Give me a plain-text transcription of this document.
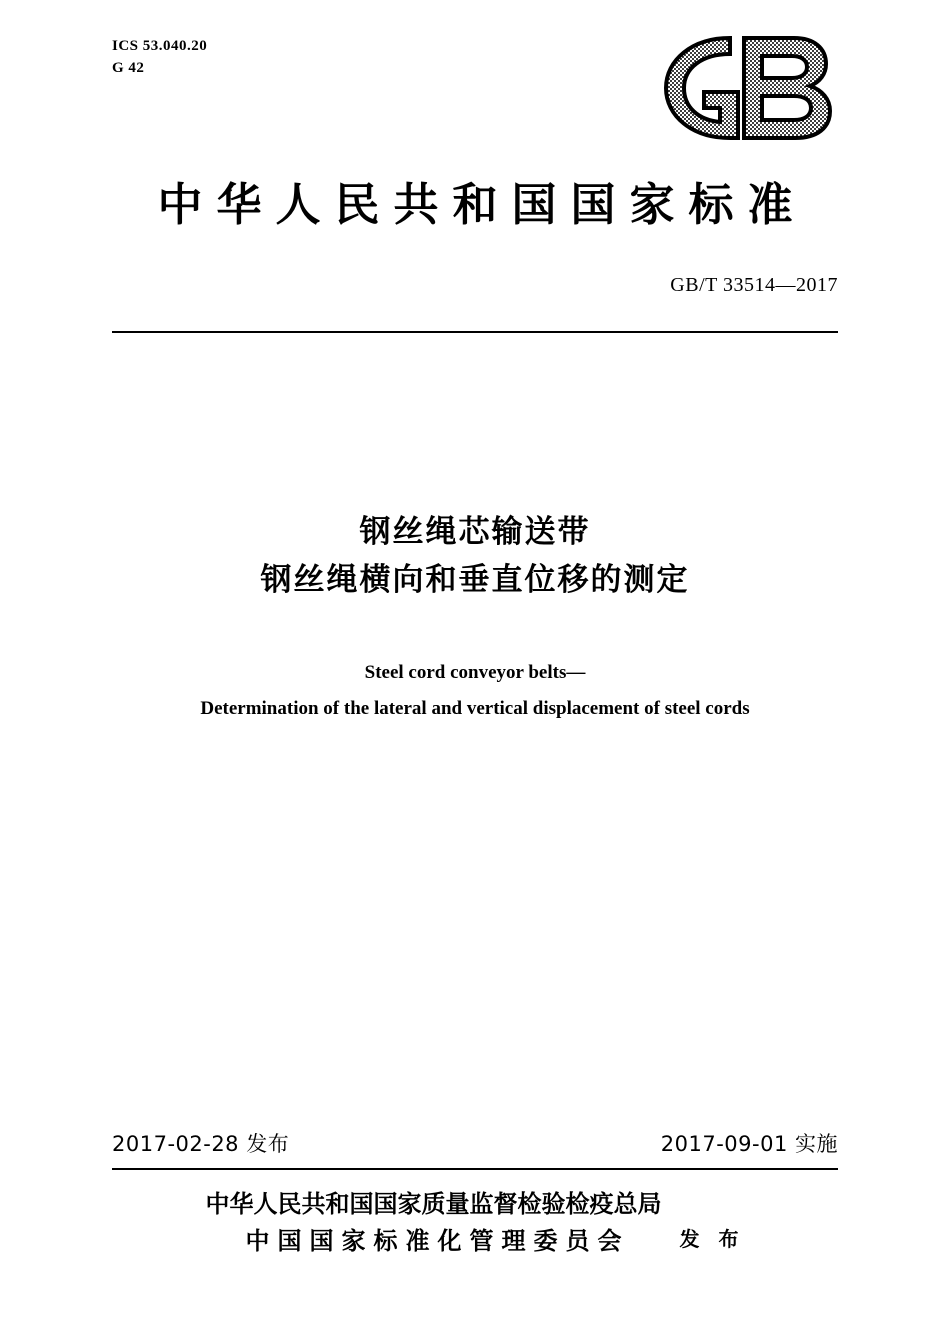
ICS 53.040.20
G 42
中华人民共和国国家标准
GB/T 33514—2017
钢丝绳芯输送带
钢丝绳横向和垂直位移的测定
Steel cord conveyor belts—
Determination of the lateral and vertical displacement of steel cords
2017-02-28 发布	2017-09-01 实施
中华人民共和国国家质量监督检验检疫总局
中国国家标准化管理委员会	发 布
